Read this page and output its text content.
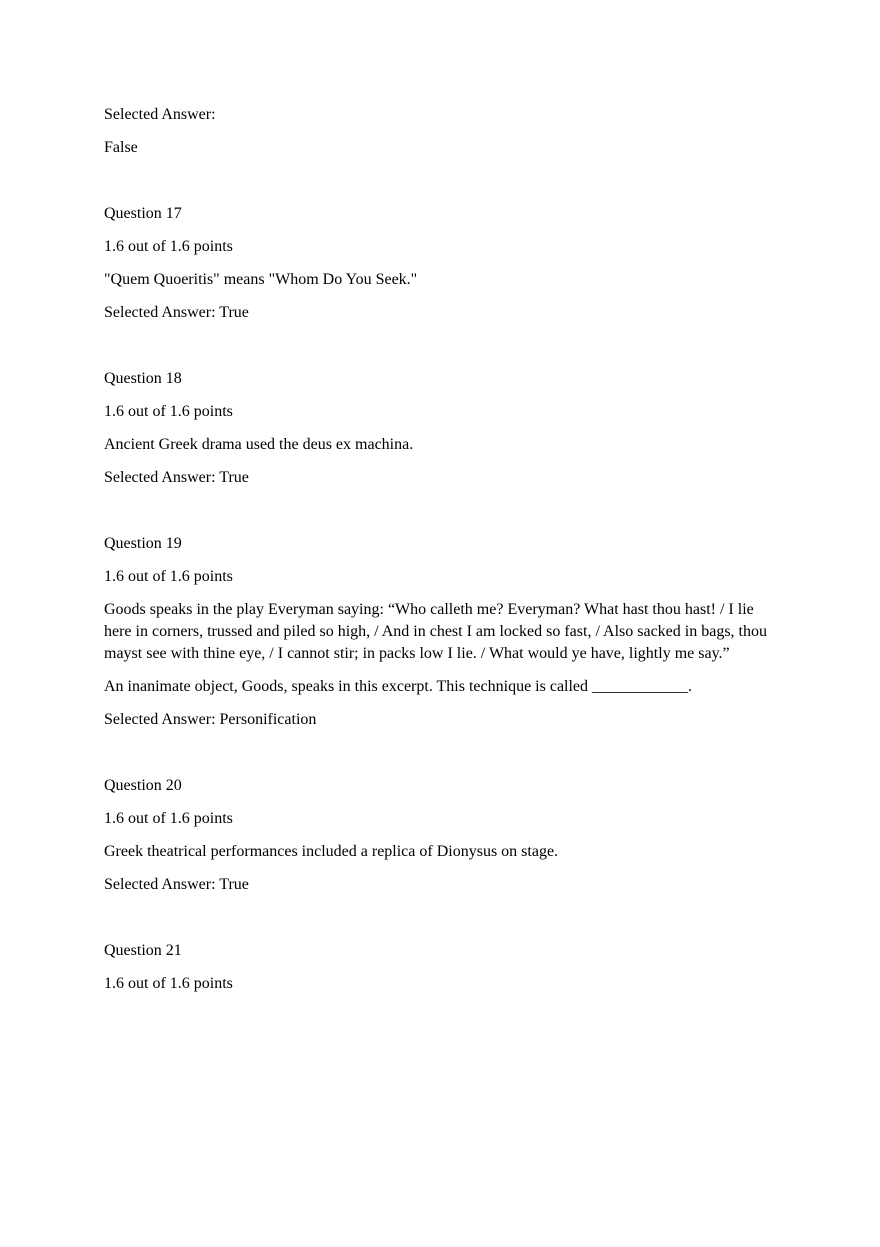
Selected Answer:
False
Question 17
1.6 out of 1.6 points
"Quem Quoeritis" means "Whom Do You Seek."
Selected Answer: True
Question 18
1.6 out of 1.6 points
Ancient Greek drama used the deus ex machina.
Selected Answer: True
Question 19
1.6 out of 1.6 points

Goods speaks in the play Everyman saying: “Who calleth me? Everyman? What hast thou hast! / I lie here in corners, trussed and piled so high, / And in chest I am locked so fast, / Also sacked in bags, thou mayst see with thine eye, / I cannot stir; in packs low I lie. / What would ye have, lightly me say.”

An inanimate object, Goods, speaks in this excerpt. This technique is called ____________.
Selected Answer: Personification
Question 20
1.6 out of 1.6 points
Greek theatrical performances included a replica of Dionysus on stage.
Selected Answer: True
Question 21
1.6 out of 1.6 points
